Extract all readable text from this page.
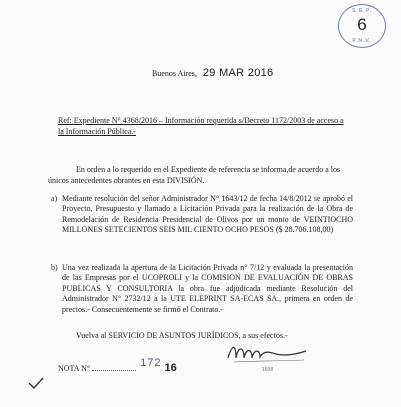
S.G.P.
6
P.N.V.
Buenos Aires, 29 MAR 2016
Ref: Expediente N° 4368/2016 – Información requerida s/Decreto 1172/2003 de acceso a la Información Pública.-
En orden a lo requerido en el Expediente de referencia se informa,de acuerdo a los
únicos antecedentes obrantes en esta DIVISIÓN.
a) Mediante resolución del señor Administrador N° 1643/12 de fecha 14/8/2012 se aprobó el Proyecto, Presupuesto y llamado a Licitación Privada para la realización de la Obra de Remodelación de Residencia Presidencial de Olivos por un monto de VEINTIOCHO MILLONES SETECIENTOS SEIS MIL CIENTO OCHO PESOS ($ 28.706.108,00)
b) Una vez realizada la apertura de la Licitación Privada n° 7/12 y evaluada la presentación de las Empresas por el UCOPROLI y la COMISION DE EVALUACIÓN DE OBRAS PUBLICAS Y CONSULTORIA la obra fue adjudicada mediante Resolución del Administrador N° 2732/12 a la UTE ELEPRINT SA-ECAS SA., primera en orden de precios.- Consecuentemente se firmó el Contrato.-
Vuelva al SERVICIO DE ASUNTOS JURÍDICOS, a sus efectos.-
NOTA N°	172 16	1698
